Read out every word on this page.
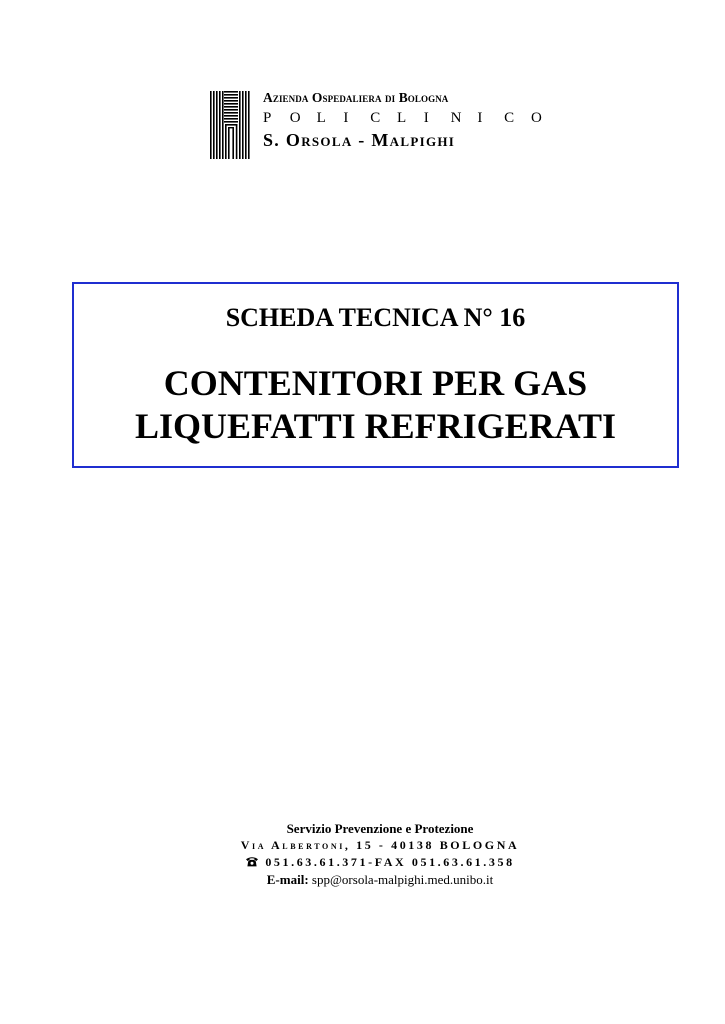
Azienda Ospedaliera di Bologna
P O L I C L I N I C O
S. Orsola - Malpighi
SCHEDA TECNICA N° 16
CONTENITORI PER GAS
LIQUEFATTI REFRIGERATI
Servizio Prevenzione e Protezione
Via Albertoni, 15 - 40138 BOLOGNA
051.63.61.371-FAX 051.63.61.358
E-mail: spp@orsola-malpighi.med.unibo.it
